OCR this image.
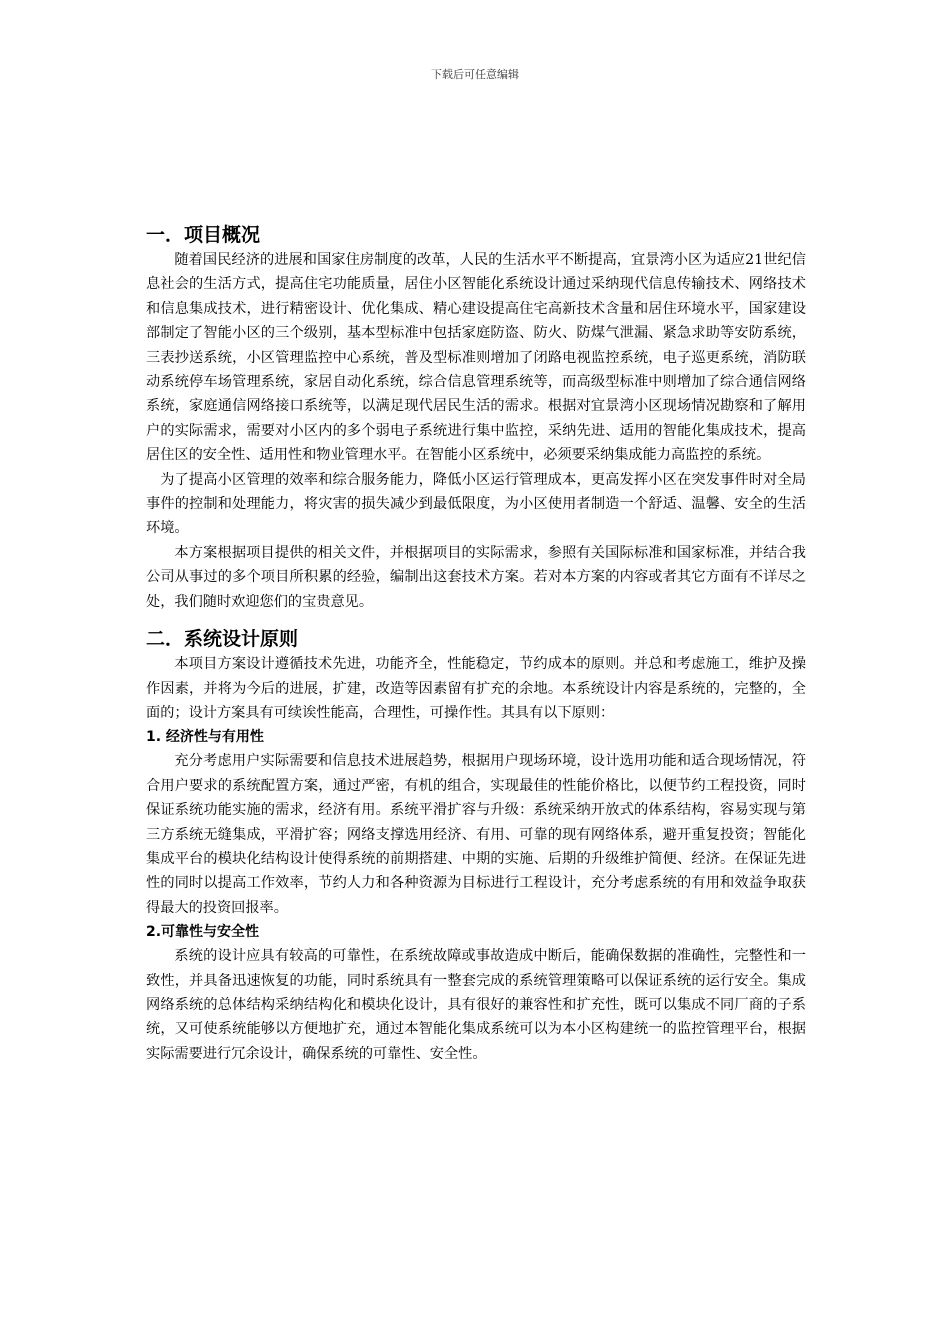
下载后可任意编辑
一．项目概况

随着国民经济的进展和国家住房制度的改革，人民的生活水平不断提高，宜景湾小区为适应21世纪信息社会的生活方式，提高住宅功能质量，居住小区智能化系统设计通过采纳现代信息传输技术、网络技术和信息集成技术，进行精密设计、优化集成、精心建设提高住宅高新技术含量和居住环境水平，国家建设部制定了智能小区的三个级别，基本型标准中包括家庭防盗、防火、防煤气泄漏、紧急求助等安防系统，三表抄送系统，小区管理监控中心系统，普及型标准则增加了闭路电视监控系统，电子巡更系统，消防联动系统停车场管理系统，家居自动化系统，综合信息管理系统等，而高级型标准中则增加了综合通信网络系统，家庭通信网络接口系统等，以满足现代居民生活的需求。根据对宜景湾小区现场情况勘察和了解用户的实际需求，需要对小区内的多个弱电子系统进行集中监控，采纳先进、适用的智能化集成技术，提高居住区的安全性、适用性和物业管理水平。在智能小区系统中，必须要采纳集成能力高监控的系统。

为了提高小区管理的效率和综合服务能力，降低小区运行管理成本，更高发挥小区在突发事件时对全局事件的控制和处理能力，将灾害的损失减少到最低限度，为小区使用者制造一个舒适、温馨、安全的生活环境。

本方案根据项目提供的相关文件，并根据项目的实际需求，参照有关国际标准和国家标准，并结合我公司从事过的多个项目所积累的经验，编制出这套技术方案。若对本方案的内容或者其它方面有不详尽之处，我们随时欢迎您们的宝贵意见。

二．系统设计原则

本项目方案设计遵循技术先进，功能齐全，性能稳定，节约成本的原则。并总和考虑施工，维护及操作因素，并将为今后的进展，扩建，改造等因素留有扩充的余地。本系统设计内容是系统的，完整的，全面的；设计方案具有可续诶性能高，合理性，可操作性。其具有以下原则：

1. 经济性与有用性

充分考虑用户实际需要和信息技术进展趋势，根据用户现场环境，设计选用功能和适合现场情况，符合用户要求的系统配置方案，通过严密，有机的组合，实现最佳的性能价格比，以便节约工程投资，同时保证系统功能实施的需求，经济有用。系统平滑扩容与升级：系统采纳开放式的体系结构，容易实现与第三方系统无缝集成，平滑扩容；网络支撑选用经济、有用、可靠的现有网络体系，避开重复投资；智能化集成平台的模块化结构设计使得系统的前期搭建、中期的实施、后期的升级维护简便、经济。在保证先进性的同时以提高工作效率，节约人力和各种资源为目标进行工程设计，充分考虑系统的有用和效益争取获得最大的投资回报率。

2.可靠性与安全性

系统的设计应具有较高的可靠性，在系统故障或事故造成中断后，能确保数据的准确性，完整性和一致性，并具备迅速恢复的功能，同时系统具有一整套完成的系统管理策略可以保证系统的运行安全。集成网络系统的总体结构采纳结构化和模块化设计，具有很好的兼容性和扩充性，既可以集成不同厂商的子系统，又可使系统能够以方便地扩充，通过本智能化集成系统可以为本小区构建统一的监控管理平台，根据实际需要进行冗余设计，确保系统的可靠性、安全性。
